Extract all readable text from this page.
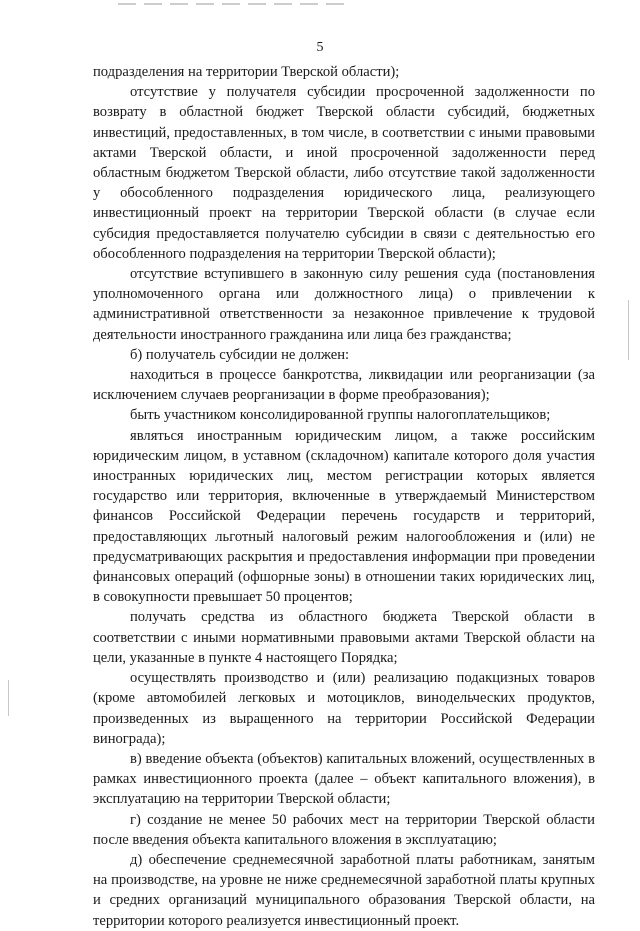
5

подразделения на территории Тверской области);

отсутствие у получателя субсидии просроченной задолженности по возврату в областной бюджет Тверской области субсидий, бюджетных инвестиций, предоставленных, в том числе, в соответствии с иными правовыми актами Тверской области, и иной просроченной задолженности перед областным бюджетом Тверской области, либо отсутствие такой задолженности у обособленного подразделения юридического лица, реализующего инвестиционный проект на территории Тверской области (в случае если субсидия предоставляется получателю субсидии в связи с деятельностью его обособленного подразделения на территории Тверской области);

отсутствие вступившего в законную силу решения суда (постановления уполномоченного органа или должностного лица) о привлечении к административной ответственности за незаконное привлечение к трудовой деятельности иностранного гражданина или лица без гражданства;

б) получатель субсидии не должен:

находиться в процессе банкротства, ликвидации или реорганизации (за исключением случаев реорганизации в форме преобразования);

быть участником консолидированной группы налогоплательщиков;

являться иностранным юридическим лицом, а также российским юридическим лицом, в уставном (складочном) капитале которого доля участия иностранных юридических лиц, местом регистрации которых является государство или территория, включенные в утверждаемый Министерством финансов Российской Федерации перечень государств и территорий, предоставляющих льготный налоговый режим налогообложения и (или) не предусматривающих раскрытия и предоставления информации при проведении финансовых операций (офшорные зоны) в отношении таких юридических лиц, в совокупности превышает 50 процентов;

получать средства из областного бюджета Тверской области в соответствии с иными нормативными правовыми актами Тверской области на цели, указанные в пункте 4 настоящего Порядка;

осуществлять производство и (или) реализацию подакцизных товаров (кроме автомобилей легковых и мотоциклов, винодельческих продуктов, произведенных из выращенного на территории Российской Федерации винограда);

в) введение объекта (объектов) капитальных вложений, осуществленных в рамках инвестиционного проекта (далее – объект капитального вложения), в эксплуатацию на территории Тверской области;

г) создание не менее 50 рабочих мест на территории Тверской области после введения объекта капитального вложения в эксплуатацию;

д) обеспечение среднемесячной заработной платы работникам, занятым на производстве, на уровне не ниже среднемесячной заработной платы крупных и средних организаций муниципального образования Тверской области, на территории которого реализуется инвестиционный проект.
